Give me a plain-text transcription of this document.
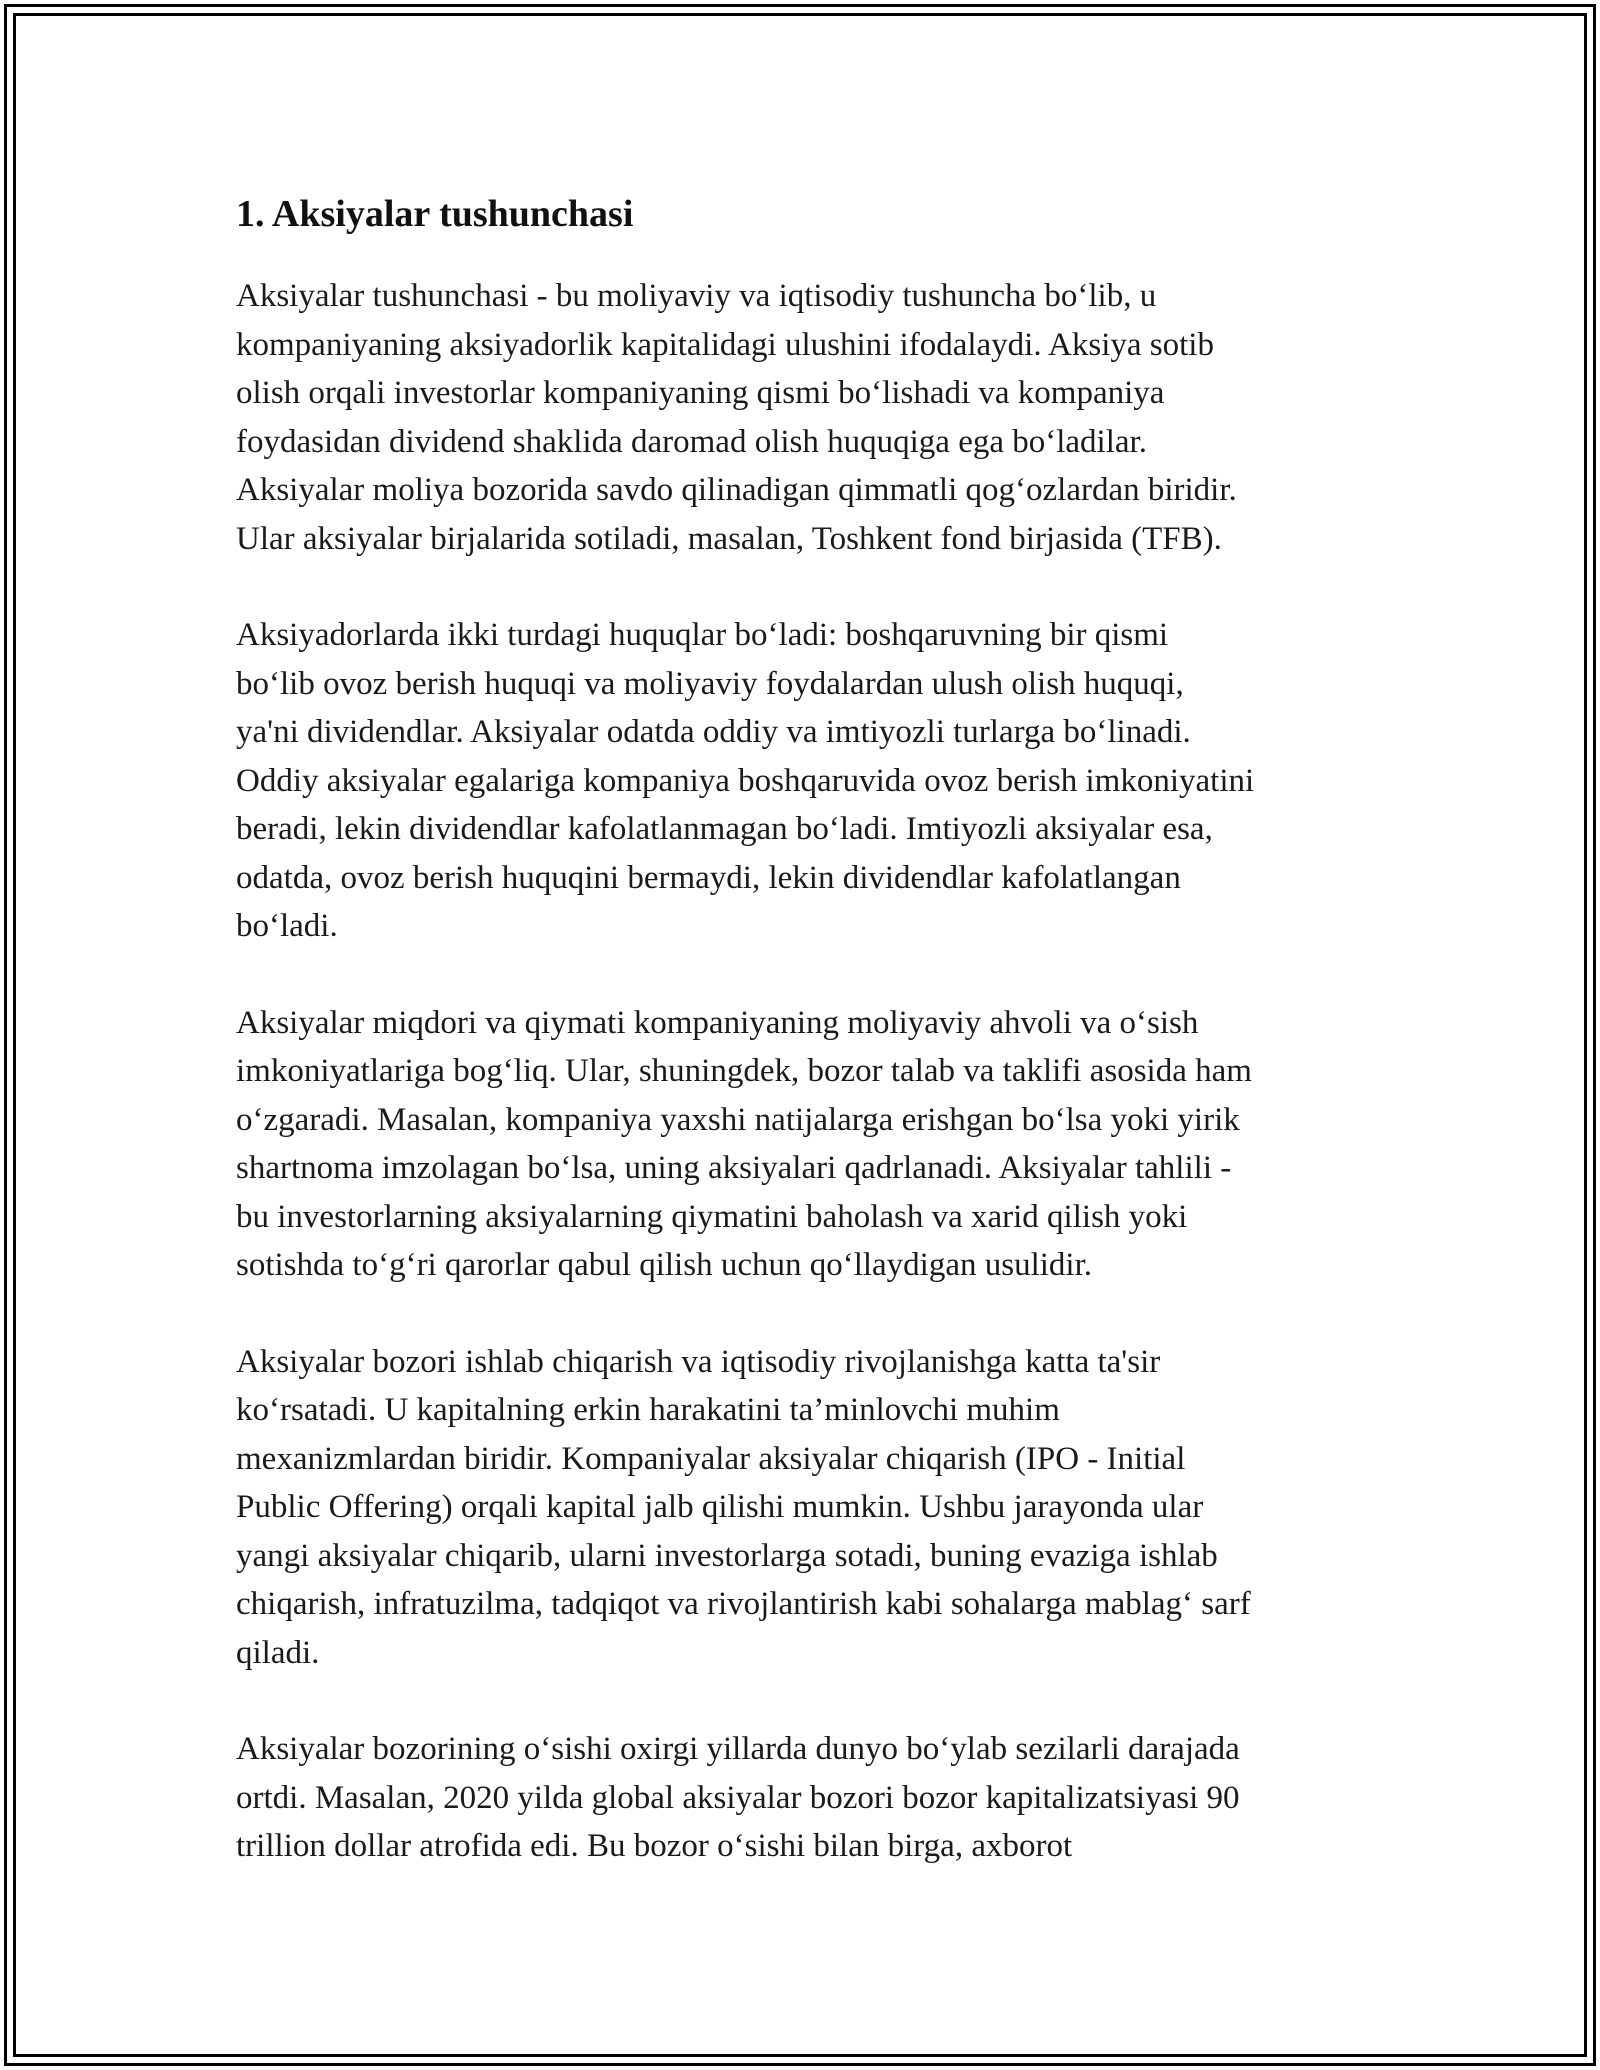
1. Aksiyalar tushunchasi

Aksiyalar tushunchasi - bu moliyaviy va iqtisodiy tushuncha bo‘lib, u
kompaniyaning aksiyadorlik kapitalidagi ulushini ifodalaydi. Aksiya sotib
olish orqali investorlar kompaniyaning qismi bo‘lishadi va kompaniya
foydasidan dividend shaklida daromad olish huquqiga ega bo‘ladilar.
Aksiyalar moliya bozorida savdo qilinadigan qimmatli qog‘ozlardan biridir.
Ular aksiyalar birjalarida sotiladi, masalan, Toshkent fond birjasida (TFB).

Aksiyadorlarda ikki turdagi huquqlar bo‘ladi: boshqaruvning bir qismi
bo‘lib ovoz berish huquqi va moliyaviy foydalardan ulush olish huquqi,
ya'ni dividendlar. Aksiyalar odatda oddiy va imtiyozli turlarga bo‘linadi.
Oddiy aksiyalar egalariga kompaniya boshqaruvida ovoz berish imkoniyatini
beradi, lekin dividendlar kafolatlanmagan bo‘ladi. Imtiyozli aksiyalar esa,
odatda, ovoz berish huquqini bermaydi, lekin dividendlar kafolatlangan
bo‘ladi.

Aksiyalar miqdori va qiymati kompaniyaning moliyaviy ahvoli va o‘sish
imkoniyatlariga bog‘liq. Ular, shuningdek, bozor talab va taklifi asosida ham
o‘zgaradi. Masalan, kompaniya yaxshi natijalarga erishgan bo‘lsa yoki yirik
shartnoma imzolagan bo‘lsa, uning aksiyalari qadrlanadi. Aksiyalar tahlili -
bu investorlarning aksiyalarning qiymatini baholash va xarid qilish yoki
sotishda to‘g‘ri qarorlar qabul qilish uchun qo‘llaydigan usulidir.

Aksiyalar bozori ishlab chiqarish va iqtisodiy rivojlanishga katta ta'sir
ko‘rsatadi. U kapitalning erkin harakatini ta’minlovchi muhim
mexanizmlardan biridir. Kompaniyalar aksiyalar chiqarish (IPO - Initial
Public Offering) orqali kapital jalb qilishi mumkin. Ushbu jarayonda ular
yangi aksiyalar chiqarib, ularni investorlarga sotadi, buning evaziga ishlab
chiqarish, infratuzilma, tadqiqot va rivojlantirish kabi sohalarga mablag‘ sarf
qiladi.

Aksiyalar bozorining o‘sishi oxirgi yillarda dunyo bo‘ylab sezilarli darajada
ortdi. Masalan, 2020 yilda global aksiyalar bozori bozor kapitalizatsiyasi 90
trillion dollar atrofida edi. Bu bozor o‘sishi bilan birga, axborot
